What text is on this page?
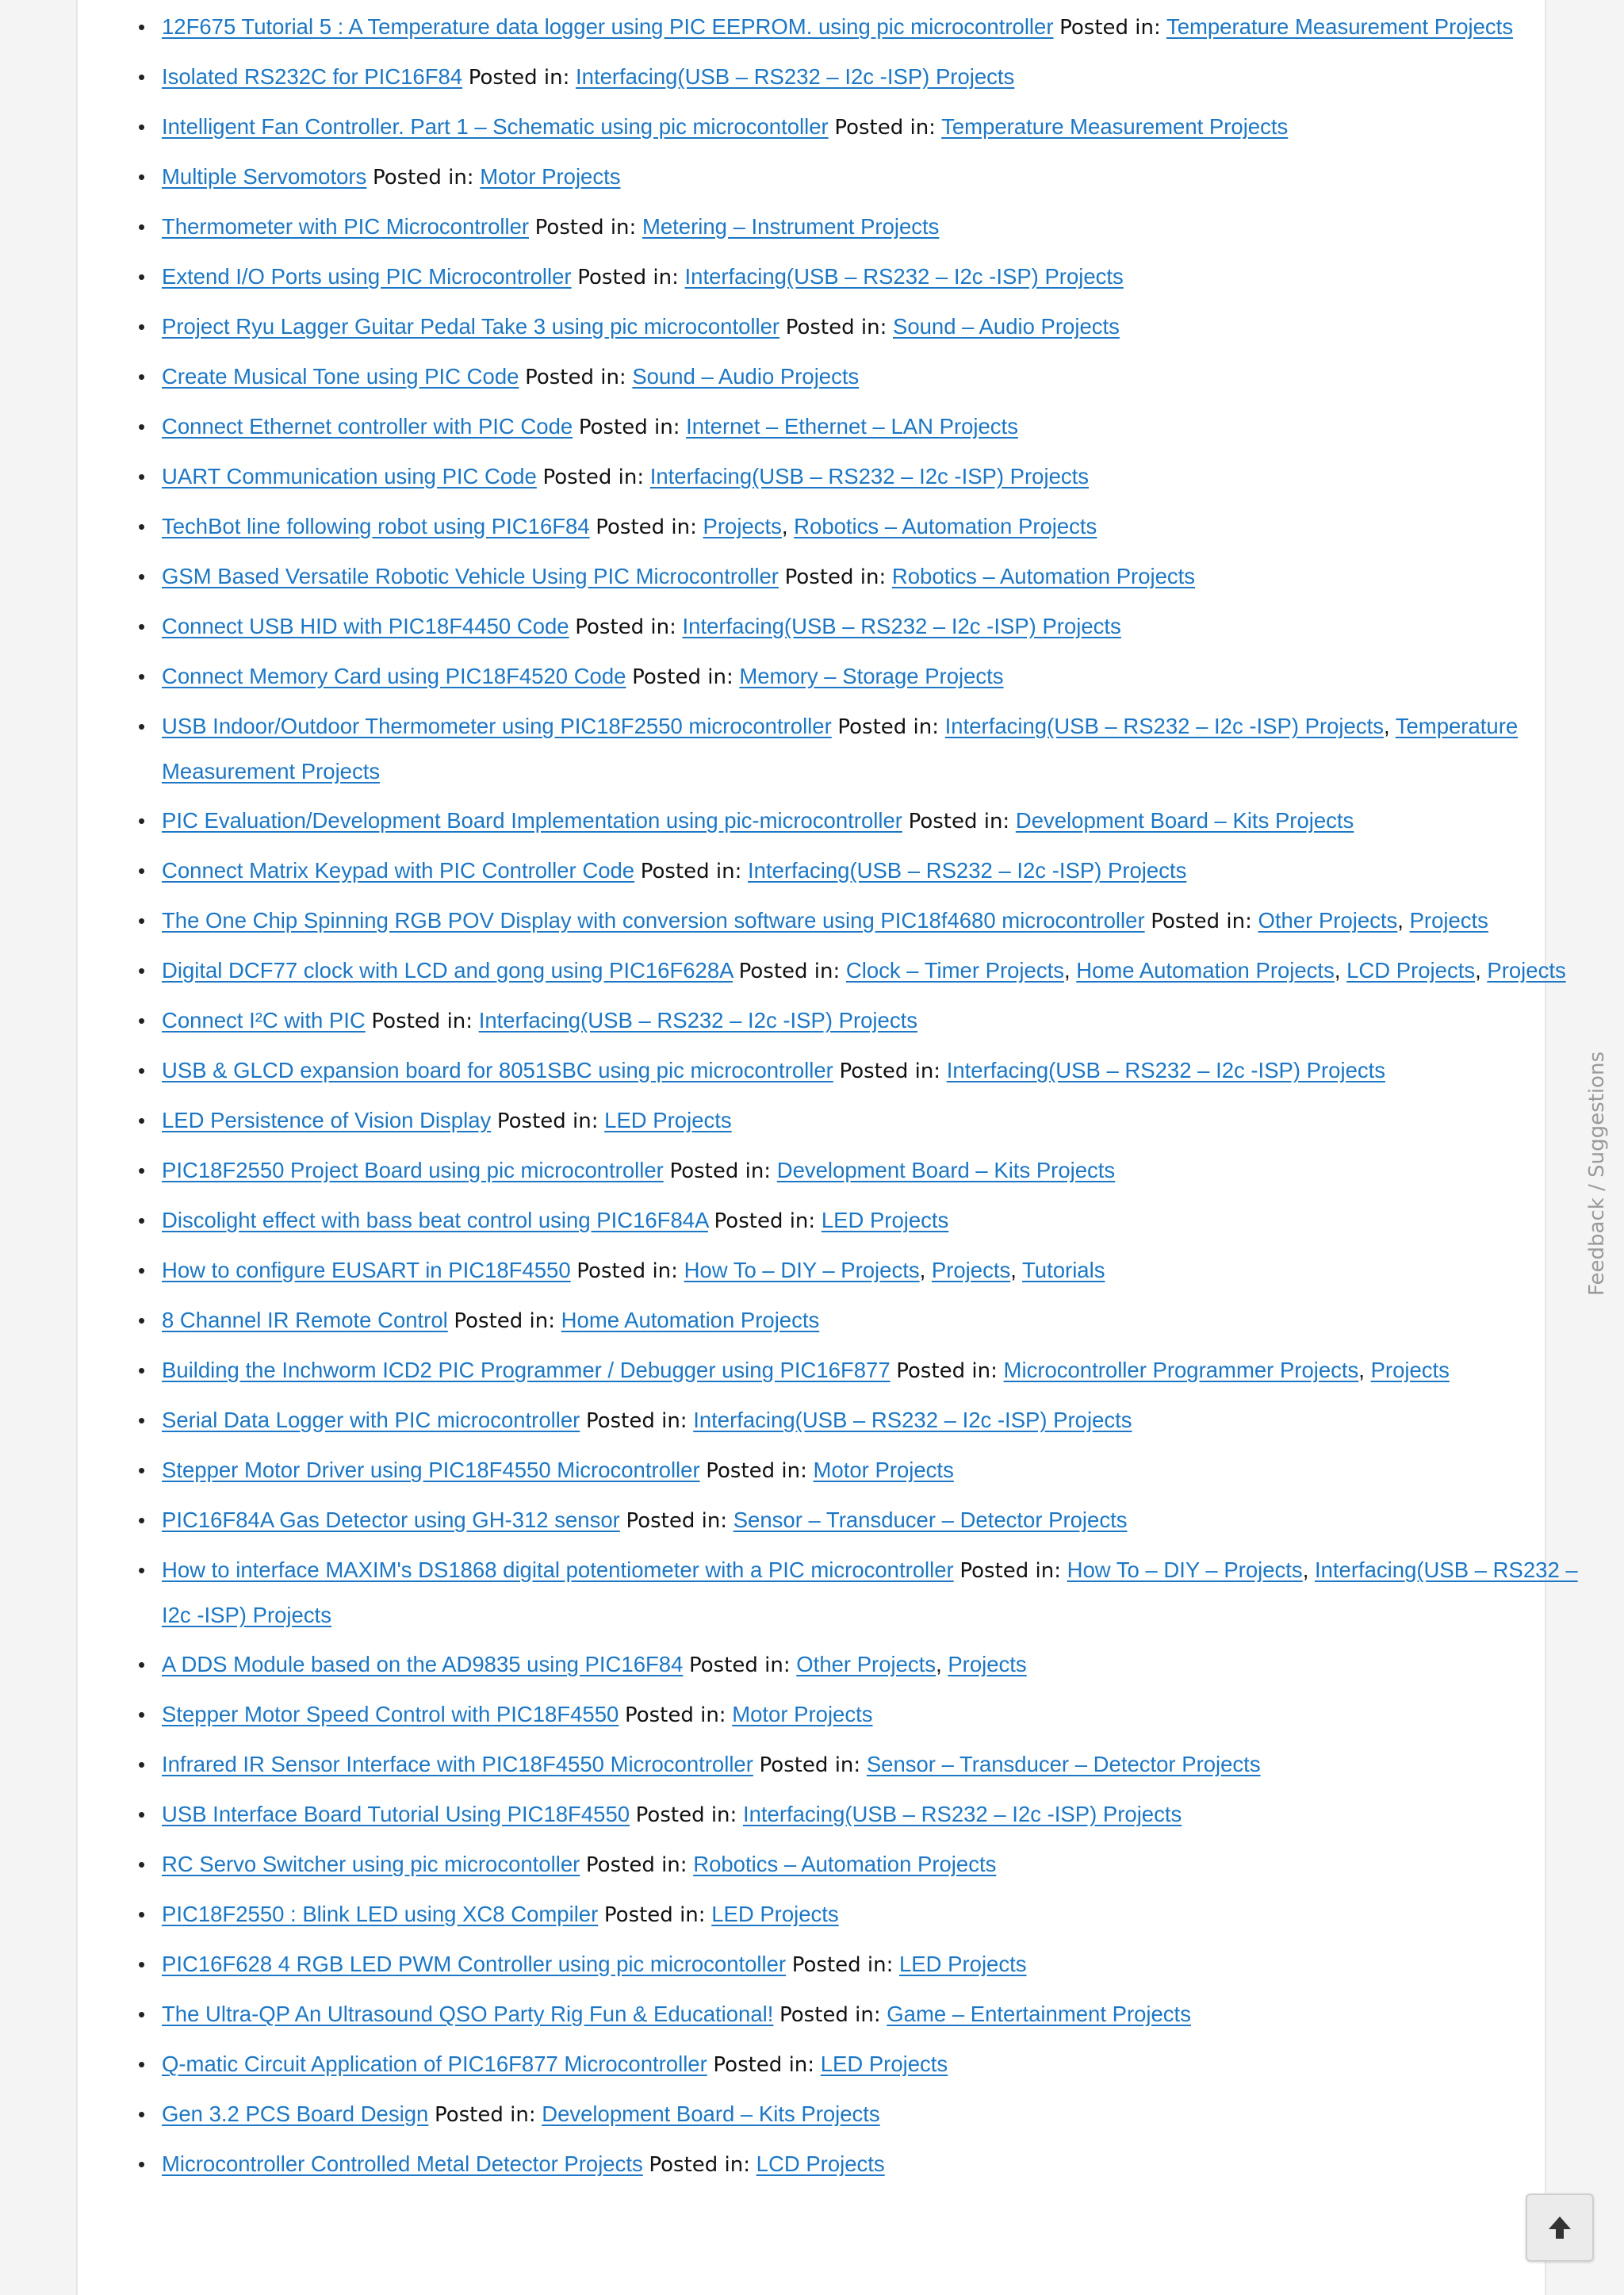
• 12F675 Tutorial 5 : A Temperature data logger using PIC EEPROM. using pic microcontroller Posted in: Temperature Measurement Projects
• Isolated RS232C for PIC16F84 Posted in: Interfacing(USB – RS232 – I2c -ISP) Projects
• Intelligent Fan Controller. Part 1 – Schematic using pic microcontoller Posted in: Temperature Measurement Projects
• Multiple Servomotors Posted in: Motor Projects
• Thermometer with PIC Microcontroller Posted in: Metering – Instrument Projects
• Extend I/O Ports using PIC Microcontroller Posted in: Interfacing(USB – RS232 – I2c -ISP) Projects
• Project Ryu Lagger Guitar Pedal Take 3 using pic microcontoller Posted in: Sound – Audio Projects
• Create Musical Tone using PIC Code Posted in: Sound – Audio Projects
• Connect Ethernet controller with PIC Code Posted in: Internet – Ethernet – LAN Projects
• UART Communication using PIC Code Posted in: Interfacing(USB – RS232 – I2c -ISP) Projects
• TechBot line following robot using PIC16F84 Posted in: Projects, Robotics – Automation Projects
• GSM Based Versatile Robotic Vehicle Using PIC Microcontroller Posted in: Robotics – Automation Projects
• Connect USB HID with PIC18F4450 Code Posted in: Interfacing(USB – RS232 – I2c -ISP) Projects
• Connect Memory Card using PIC18F4520 Code Posted in: Memory – Storage Projects
• USB Indoor/Outdoor Thermometer using PIC18F2550 microcontroller Posted in: Interfacing(USB – RS232 – I2c -ISP) Projects, Temperature Measurement Projects
• PIC Evaluation/Development Board Implementation using pic-microcontroller Posted in: Development Board – Kits Projects
• Connect Matrix Keypad with PIC Controller Code Posted in: Interfacing(USB – RS232 – I2c -ISP) Projects
• The One Chip Spinning RGB POV Display with conversion software using PIC18f4680 microcontroller Posted in: Other Projects, Projects
• Digital DCF77 clock with LCD and gong using PIC16F628A Posted in: Clock – Timer Projects, Home Automation Projects, LCD Projects, Projects
• Connect I²C with PIC Posted in: Interfacing(USB – RS232 – I2c -ISP) Projects
• USB & GLCD expansion board for 8051SBC using pic microcontroller Posted in: Interfacing(USB – RS232 – I2c -ISP) Projects
• LED Persistence of Vision Display Posted in: LED Projects
• PIC18F2550 Project Board using pic microcontroller Posted in: Development Board – Kits Projects
• Discolight effect with bass beat control using PIC16F84A Posted in: LED Projects
• How to configure EUSART in PIC18F4550 Posted in: How To – DIY – Projects, Projects, Tutorials
• 8 Channel IR Remote Control Posted in: Home Automation Projects
• Building the Inchworm ICD2 PIC Programmer / Debugger using PIC16F877 Posted in: Microcontroller Programmer Projects, Projects
• Serial Data Logger with PIC microcontroller Posted in: Interfacing(USB – RS232 – I2c -ISP) Projects
• Stepper Motor Driver using PIC18F4550 Microcontroller Posted in: Motor Projects
• PIC16F84A Gas Detector using GH-312 sensor Posted in: Sensor – Transducer – Detector Projects
• How to interface MAXIM's DS1868 digital potentiometer with a PIC microcontroller Posted in: How To – DIY – Projects, Interfacing(USB – RS232 – I2c -ISP) Projects
• A DDS Module based on the AD9835 using PIC16F84 Posted in: Other Projects, Projects
• Stepper Motor Speed Control with PIC18F4550 Posted in: Motor Projects
• Infrared IR Sensor Interface with PIC18F4550 Microcontroller Posted in: Sensor – Transducer – Detector Projects
• USB Interface Board Tutorial Using PIC18F4550 Posted in: Interfacing(USB – RS232 – I2c -ISP) Projects
• RC Servo Switcher using pic microcontoller Posted in: Robotics – Automation Projects
• PIC18F2550 : Blink LED using XC8 Compiler Posted in: LED Projects
• PIC16F628 4 RGB LED PWM Controller using pic microcontoller Posted in: LED Projects
• The Ultra-QP An Ultrasound QSO Party Rig Fun & Educational! Posted in: Game – Entertainment Projects
• Q-matic Circuit Application of PIC16F877 Microcontroller Posted in: LED Projects
• Gen 3.2 PCS Board Design Posted in: Development Board – Kits Projects
• Microcontroller Controlled Metal Detector Projects Posted in: LCD Projects
Feedback / Suggestions
